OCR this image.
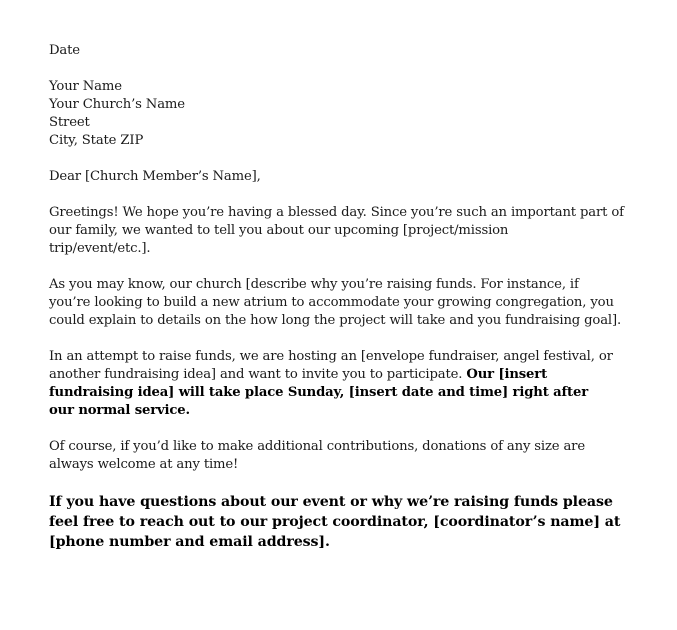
Date

Your Name

Your Church’s Name

Street

City, State ZIP

Dear [Church Member’s Name],

Greetings! We hope you’re having a blessed day. Since you’re such an important part of

our family, we wanted to tell you about our upcoming [project/mission

trip/event/etc.].

As you may know, our church [describe why you’re raising funds. For instance, if

you’re looking to build a new atrium to accommodate your growing congregation, you

could explain to details on the how long the project will take and you fundraising goal].

In an attempt to raise funds, we are hosting an [envelope fundraiser, angel festival, or

another fundraising idea] and want to invite you to participate. Our [insert

fundraising idea] will take place Sunday, [insert date and time] right after

our normal service.

Of course, if you’d like to make additional contributions, donations of any size are

always welcome at any time!

If you have questions about our event or why we’re raising funds please

feel free to reach out to our project coordinator, [coordinator’s name] at

[phone number and email address].
